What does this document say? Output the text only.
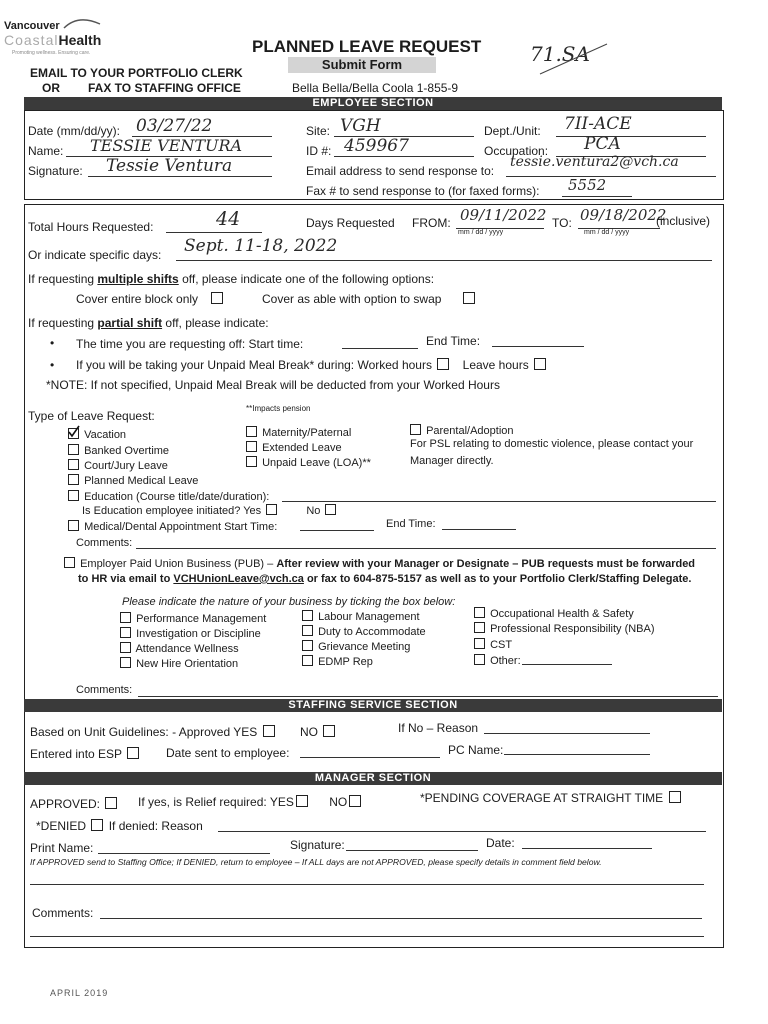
Vancouver
CoastalHealth
Promoting wellness. Ensuring care.	PLANNED LEAVE REQUEST
Submit Form	71.SA
EMAIL TO YOUR PORTFOLIO CLERK
OR FAX TO STAFFING OFFICE	Bella Bella/Bella Coola 1-855-9
EMPLOYEE SECTION
Date (mm/dd/yy): 03/27/22	Site: VGH	Dept./Unit: 7II-ACE
Name: TESSIE VENTURA	ID #: 459967	Occupation: PCA
Signature: Tessie Ventura	Email address to send response to:
tessie.ventura2@vch.ca
Fax # to send response to (for faxed forms): 5552
Total Hours Requested:	44	Days Requested FROM: 09/11/2022
mm / dd / yyyy
TO: 09/18/2022
mm / dd / yyyy
(inclusive)
Or indicate specific days: Sept. 11-18, 2022
If requesting multiple shifts off, please indicate one of the following options:
Cover entire block only	Cover as able with option to swap
If requesting partial shift off, please indicate:
• The time you are requesting off: Start time:	End Time:
• If you will be taking your Unpaid Meal Break* during: Worked hours	Leave hours
*NOTE: If not specified, Unpaid Meal Break will be deducted from your Worked Hours
Type of Leave Request:
**Impacts pension
Vacation
Banked Overtime
Court/Jury Leave
Planned Medical Leave
Maternity/Paternal
Extended Leave
Unpaid Leave (LOA)**
Parental/Adoption
For PSL relating to domestic violence, please contact your
Manager directly.
Education (Course title/date/duration):
Is Education employee initiated? Yes	No
Medical/Dental Appointment Start Time:	End Time:
Comments:
Employer Paid Union Business (PUB) – After review with your Manager or Designate – PUB requests must be forwarded
to HR via email to VCHUnionLeave@vch.ca or fax to 604-875-5157 as well as to your Portfolio Clerk/Staffing Delegate.
Please indicate the nature of your business by ticking the box below:
Performance Management
Investigation or Discipline
Attendance Wellness
New Hire Orientation
Labour Management
Duty to Accommodate
Grievance Meeting
EDMP Rep
Occupational Health & Safety
Professional Responsibility (NBA)
CST
Other:
Comments:
STAFFING SERVICE SECTION
Based on Unit Guidelines: - Approved YES	NO	If No – Reason
Entered into ESP	Date sent to employee:	PC Name:
MANAGER SECTION
APPROVED:	If yes, is Relief required: YES	NO	*PENDING COVERAGE AT STRAIGHT TIME
*DENIED If denied: Reason
Print Name:	Signature:	Date:
If APPROVED send to Staffing Office; If DENIED, return to employee – If ALL days are not APPROVED, please specify details in comment field below.
Comments:
APRIL 2019
